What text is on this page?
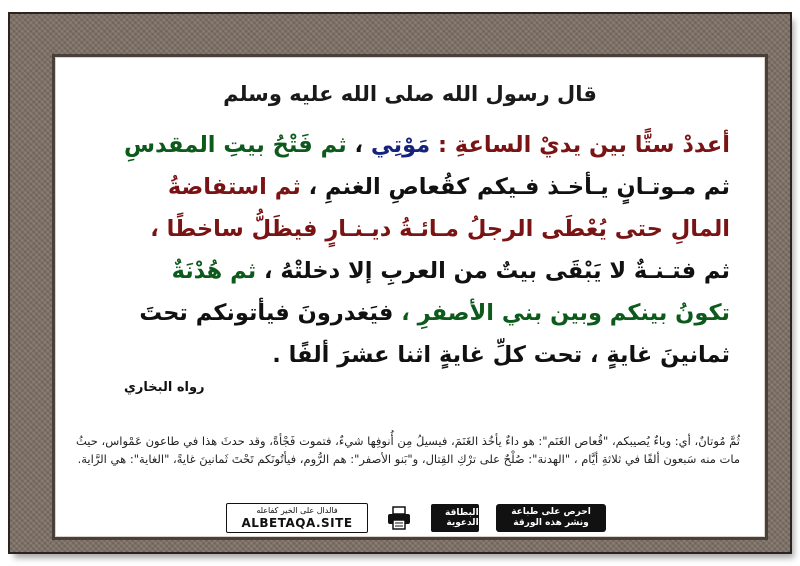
قال رسول الله صلى الله عليه وسلم
أعددْ ستًّا بين يديْ الساعةِ : مَوْتِي ، ثم فَتْحُ بيتِ المقدسِ
ثم مـوتـانٍ يـأخـذ فـيكم كقُعاصِ الغنمِ ، ثم استفاضةُ
المالِ حتى يُعْطَى الرجلُ مـائـةُ ديـنـارٍ فيظَلُّ ساخطًا ،
ثم فتـنـةٌ لا يَبْقَى بيتٌ من العربِ إلا دخلتْهُ ، ثم هُدْنَةٌ
تكونُ بينكم وبين بني الأصفرِ ، فيَغدرونَ فيأتونكم تحتَ
ثمانينَ غايةٍ ، تحت كلِّ غايةٍ اثنا عشرَ ألفًا .
رواه البخاري
ثُمَّ مُوتانٌ، أي: وباءٌ يُصيبكم، "قُعاص الغَنَم": هو داءٌ يأخُذ الغَنَمَ، فيسيلُ مِن أُنوفِها شيءٌ، فتموت فَجْأةً، وقد حدثَ هذا في طاعون عَمْواس، حيثُ مات منه سَبعون ألفًا في ثلاثةِ أيَّام ، "الهدنة": صُلْحٌ على ترْكِ القِتال، و"بَنو الأصفر": هم الرُّوم، فيأتُونَكم تَحْتَ ثَمانينَ غايةً، "الغاية": هي الرَّاية.
فالدال على الخير كفاعله
ALBETAQA.SITE
البطاقة الدعوية
احرص على طباعة
ونشر هذه الورقة
